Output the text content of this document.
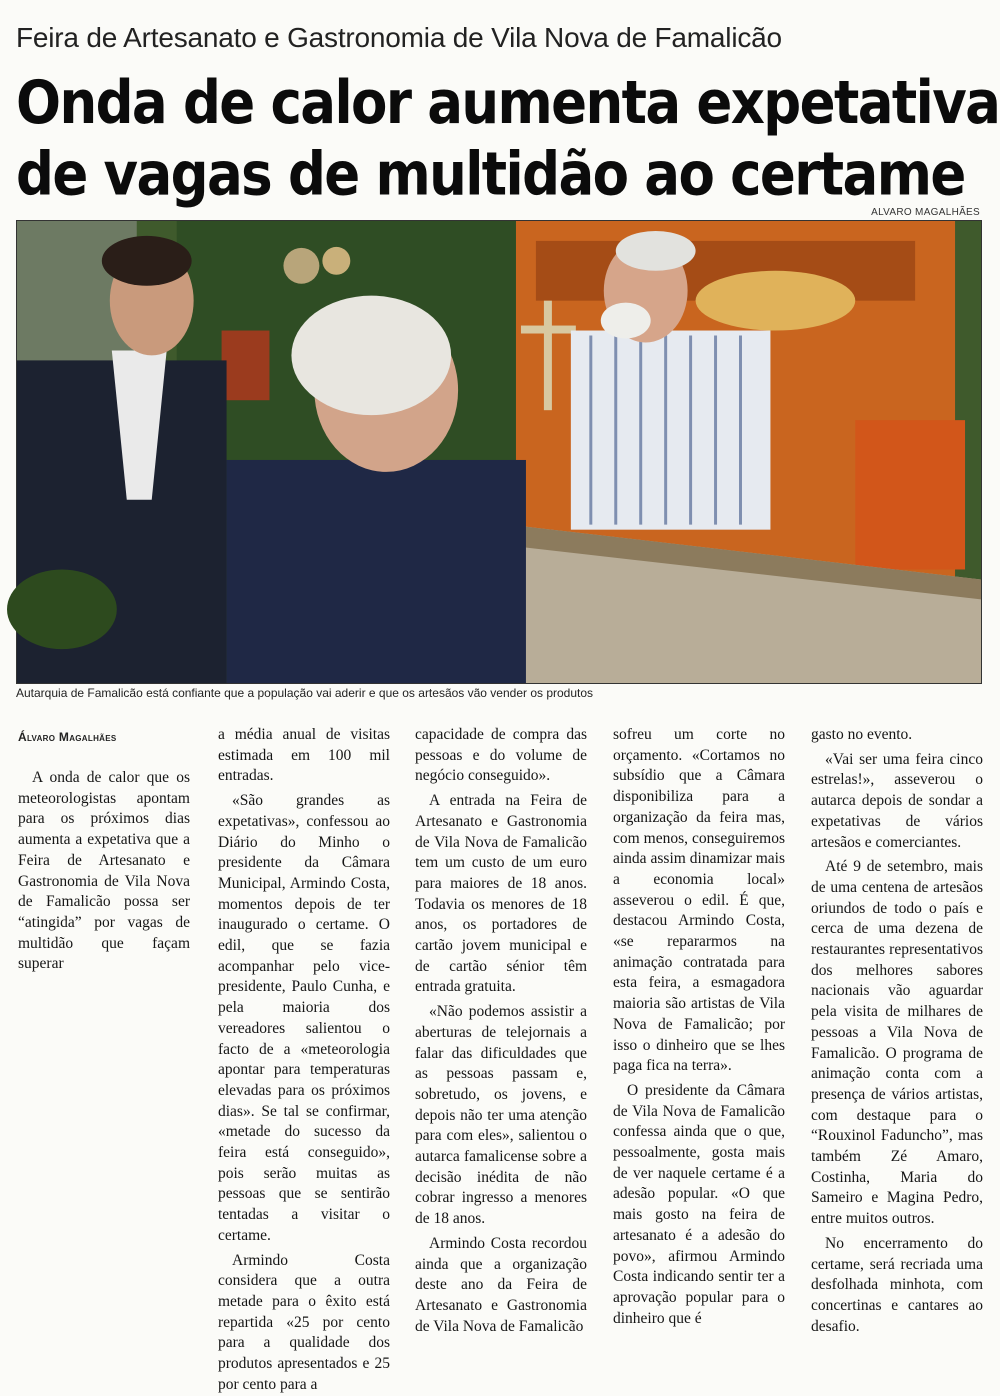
Feira de Artesanato e Gastronomia de Vila Nova de Famalicão
Onda de calor aumenta expetativa
de vagas de multidão ao certame
ALVARO MAGALHÃES
Autarquia de Famalicão está confiante que a população vai aderir e que os artesãos vão vender os produtos
Álvaro Magalhães

A onda de calor que os meteorologistas apontam para os próximos dias aumenta a expetativa que a Feira de Artesanato e Gastronomia de Vila Nova de Famalicão possa ser “atingida” por vagas de multidão que façam superar

a média anual de visitas estimada em 100 mil entradas.

«São grandes as expetativas», confessou ao Diário do Minho o presidente da Câmara Municipal, Armindo Costa, momentos depois de ter inaugurado o certame. O edil, que se fazia acompanhar pelo vice-presidente, Paulo Cunha, e pela maioria dos vereadores salientou o facto de a «meteorologia apontar para temperaturas elevadas para os próximos dias». Se tal se confirmar, «metade do sucesso da feira está conseguido», pois serão muitas as pessoas que se sentirão tentadas a visitar o certame.

Armindo Costa considera que a outra metade para o êxito está repartida «25 por cento para a qualidade dos produtos apresentados e 25 por cento para a

capacidade de compra das pessoas e do volume de negócio conseguido».

A entrada na Feira de Artesanato e Gastronomia de Vila Nova de Famalicão tem um custo de um euro para maiores de 18 anos. Todavia os menores de 18 anos, os portadores de cartão jovem municipal e de cartão sénior têm entrada gratuita.

«Não podemos assistir a aberturas de telejornais a falar das dificuldades que as pessoas passam e, sobretudo, os jovens, e depois não ter uma atenção para com eles», salientou o autarca famalicense sobre a decisão inédita de não cobrar ingresso a menores de 18 anos.

Armindo Costa recordou ainda que a organização deste ano da Feira de Artesanato e Gastronomia de Vila Nova de Famalicão

sofreu um corte no orçamento. «Cortamos no subsídio que a Câmara disponibiliza para a organização da feira mas, com menos, conseguiremos ainda assim dinamizar mais a economia local» asseverou o edil. É que, destacou Armindo Costa, «se repararmos na animação contratada para esta feira, a esmagadora maioria são artistas de Vila Nova de Famalicão; por isso o dinheiro que se lhes paga fica na terra».

O presidente da Câmara de Vila Nova de Famalicão confessa ainda que o que, pessoalmente, gosta mais de ver naquele certame é a adesão popular. «O que mais gosto na feira de artesanato é a adesão do povo», afirmou Armindo Costa indicando sentir ter a aprovação popular para o dinheiro que é

gasto no evento.

«Vai ser uma feira cinco estrelas!», asseverou o autarca depois de sondar a expetativas de vários artesãos e comerciantes.

Até 9 de setembro, mais de uma centena de artesãos oriundos de todo o país e cerca de uma dezena de restaurantes representativos dos melhores sabores nacionais vão aguardar pela visita de milhares de pessoas a Vila Nova de Famalicão. O programa de animação conta com a presença de vários artistas, com destaque para o “Rouxinol Faduncho”, mas também Zé Amaro, Costinha, Maria do Sameiro e Magina Pedro, entre muitos outros.

No encerramento do certame, será recriada uma desfolhada minhota, com concertinas e cantares ao desafio.
